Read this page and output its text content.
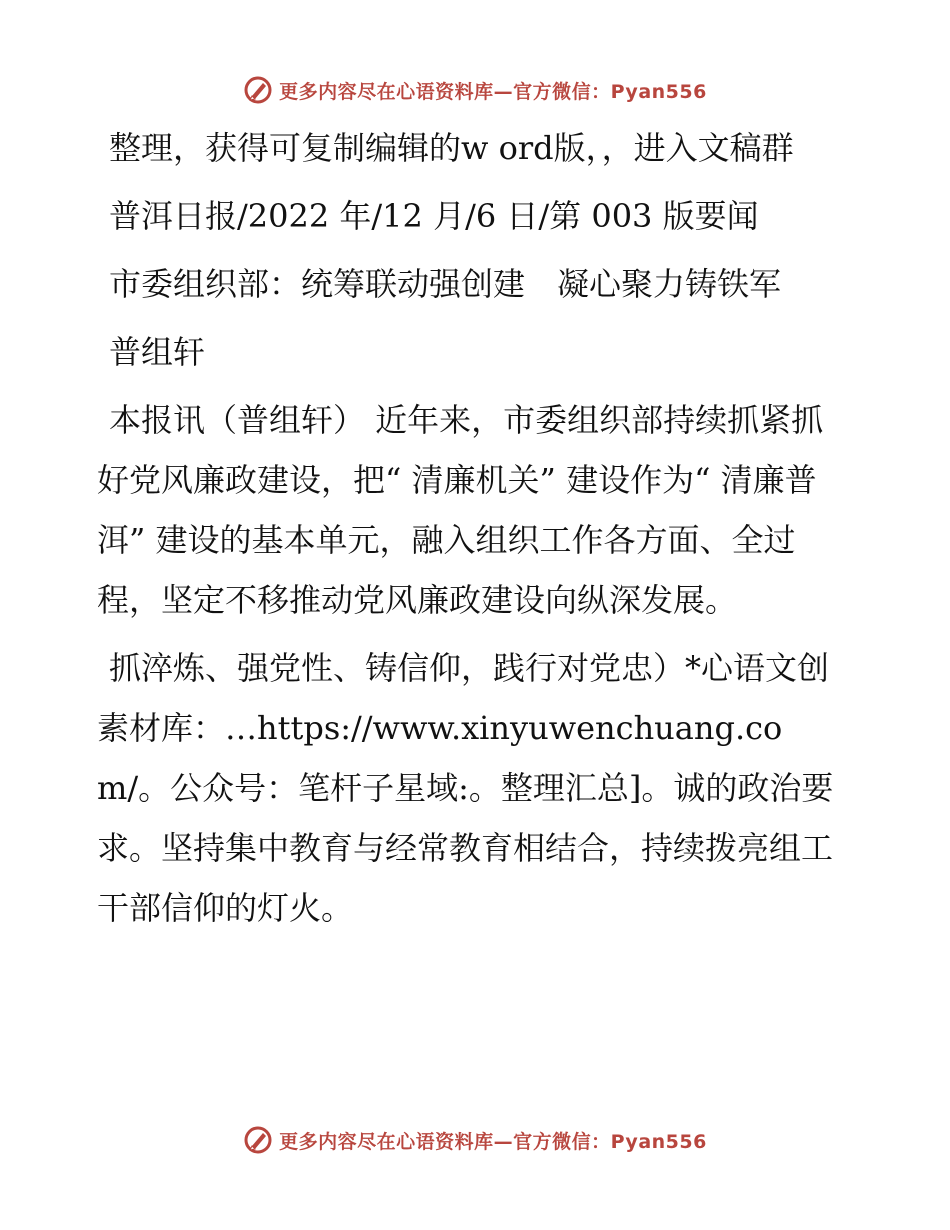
更多内容尽在心语资料库—官方微信：Pyan556

整理，获得可复制编辑的w ord版，，进入文稿群

普洱日报/2022 年/12 月/6 日/第 003 版要闻

市委组织部：统筹联动强创建　凝心聚力铸铁军

普组轩

本报讯（普组轩） 近年来，市委组织部持续抓紧抓好党风廉政建设，把“ 清廉机关” 建设作为“ 清廉普洱” 建设的基本单元，融入组织工作各方面、全过程，坚定不移推动党风廉政建设向纵深发展。

抓淬炼、强党性、铸信仰，践行对党忠）*心语文创素材库：…https://www.xinyuwenchuang.com/。公众号：笔杆子星域:。整理汇总]。诚的政治要求。坚持集中教育与经常教育相结合，持续拨亮组工干部信仰的灯火。

更多内容尽在心语资料库—官方微信：Pyan556
